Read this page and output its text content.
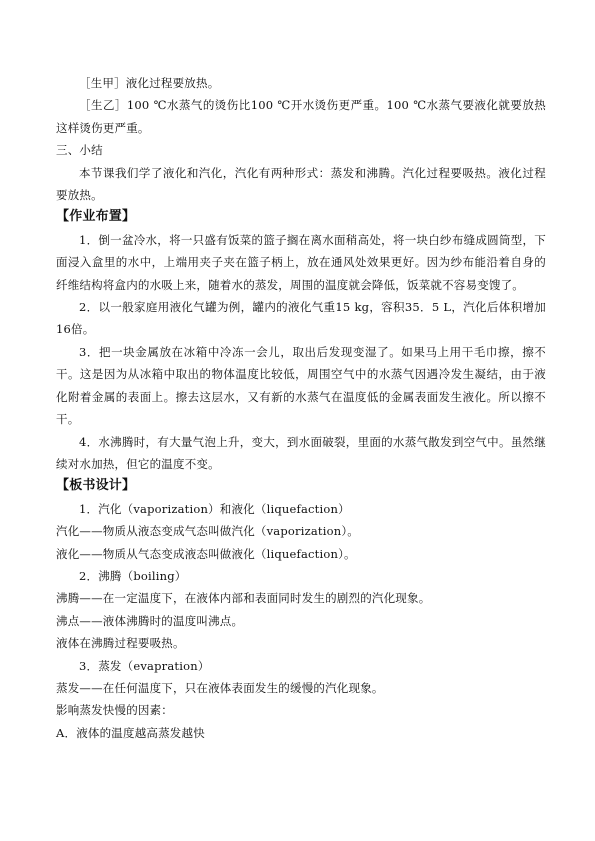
［生甲］液化过程要放热。

［生乙］100 ℃水蒸气的烫伤比100 ℃开水烫伤更严重。100 ℃水蒸气要液化就要放热这样烫伤更严重。

三、小结

本节课我们学了液化和汽化，汽化有两种形式：蒸发和沸腾。汽化过程要吸热。液化过程要放热。

【作业布置】

1．倒一盆冷水，将一只盛有饭菜的篮子搁在离水面稍高处，将一块白纱布缝成圆筒型，下面浸入盒里的水中，上端用夹子夹在篮子柄上，放在通风处效果更好。因为纱布能沿着自身的纤维结构将盒内的水吸上来，随着水的蒸发，周围的温度就会降低，饭菜就不容易变馊了。

2．以一般家庭用液化气罐为例，罐内的液化气重15 kg，容积35．5 L，汽化后体积增加16倍。

3．把一块金属放在冰箱中冷冻一会儿，取出后发现变湿了。如果马上用干毛巾擦，擦不干。这是因为从冰箱中取出的物体温度比较低，周围空气中的水蒸气因遇冷发生凝结，由于液化附着金属的表面上。擦去这层水，又有新的水蒸气在温度低的金属表面发生液化。所以擦不干。

4．水沸腾时，有大量气泡上升，变大，到水面破裂，里面的水蒸气散发到空气中。虽然继续对水加热，但它的温度不变。

【板书设计】

1．汽化（vaporization）和液化（liquefaction）

汽化——物质从液态变成气态叫做汽化（vaporization）。

液化——物质从气态变成液态叫做液化（liquefaction）。

2．沸腾（boiling）

沸腾——在一定温度下，在液体内部和表面同时发生的剧烈的汽化现象。

沸点——液体沸腾时的温度叫沸点。

液体在沸腾过程要吸热。

3．蒸发（evapration）

蒸发——在任何温度下，只在液体表面发生的缓慢的汽化现象。

影响蒸发快慢的因素：

A．液体的温度越高蒸发越快
